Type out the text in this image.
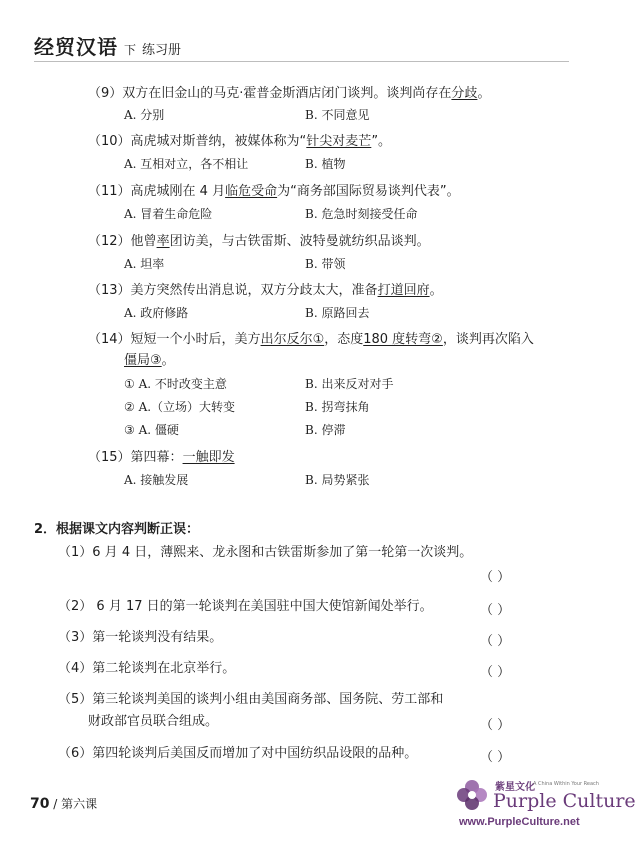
经贸汉语 下 练习册
（9）双方在旧金山的马克·霍普金斯酒店闭门谈判。谈判尚存在分歧。
A. 分别	B. 不同意见
（10）高虎城对斯普纳，被媒体称为“针尖对麦芒”。
A. 互相对立，各不相让	B. 植物
（11）高虎城刚在 4 月临危受命为“商务部国际贸易谈判代表”。
A. 冒着生命危险	B. 危急时刻接受任命
（12）他曾率团访美，与古铁雷斯、波特曼就纺织品谈判。
A. 坦率	B. 带领
（13）美方突然传出消息说，双方分歧太大，准备打道回府。
A. 政府修路	B. 原路回去
（14）短短一个小时后，美方出尔反尔①，态度180 度转弯②，谈判再次陷入
僵局③。
① A. 不时改变主意	B. 出来反对对手
② A.（立场）大转变	B. 拐弯抹角
③ A. 僵硬	B. 停滞
（15）第四幕：一触即发
A. 接触发展	B. 局势紧张
2．根据课文内容判断正误：
（1）6 月 4 日，薄熙来、龙永图和古铁雷斯参加了第一轮第一次谈判。
（ ）
（2） 6 月 17 日的第一轮谈判在美国驻中国大使馆新闻处举行。	（ ）
（3）第一轮谈判没有结果。	（ ）
（4）第二轮谈判在北京举行。	（ ）
（5）第三轮谈判美国的谈判小组由美国商务部、国务院、劳工部和
财政部官员联合组成。	（ ）
（6）第四轮谈判后美国反而增加了对中国纺织品设限的品种。	（ ）
70 / 第六课
紫星文化
A China Within Your Reach
Purple Culture
www.PurpleCulture.net
